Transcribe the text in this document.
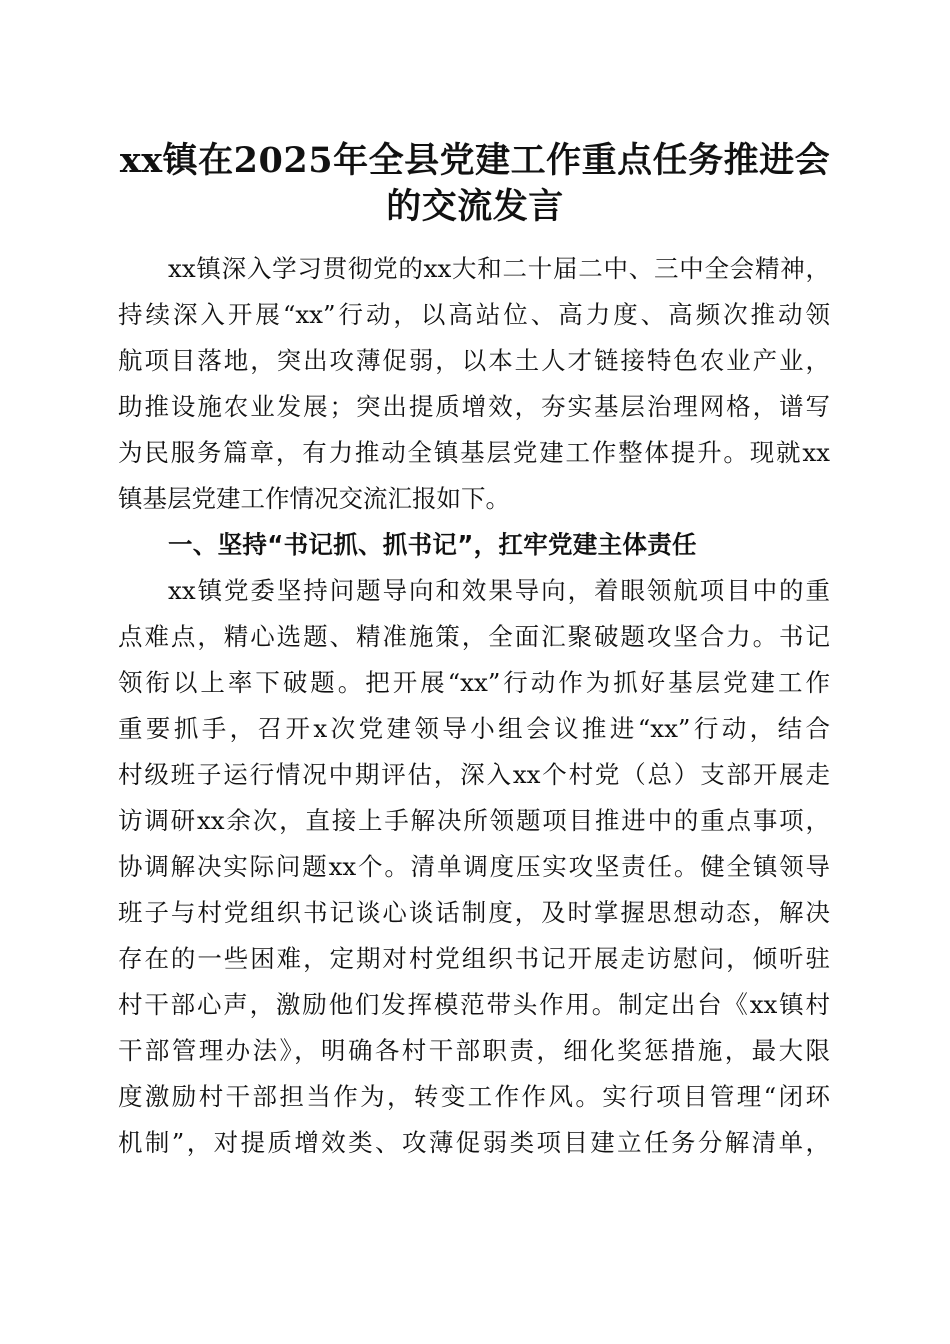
xx镇在2025年全县党建工作重点任务推进会
的交流发言
xx镇深入学习贯彻党的xx大和二十届二中、三中全会精神，
持续深入开展“xx”行动，以高站位、高力度、高频次推动领
航项目落地，突出攻薄促弱，以本土人才链接特色农业产业，
助推设施农业发展；突出提质增效，夯实基层治理网格，谱写
为民服务篇章，有力推动全镇基层党建工作整体提升。现就xx
镇基层党建工作情况交流汇报如下。
一、坚持“书记抓、抓书记”，扛牢党建主体责任
xx镇党委坚持问题导向和效果导向，着眼领航项目中的重
点难点，精心选题、精准施策，全面汇聚破题攻坚合力。书记
领衔以上率下破题。把开展“xx”行动作为抓好基层党建工作
重要抓手，召开x次党建领导小组会议推进“xx”行动，结合
村级班子运行情况中期评估，深入xx个村党（总）支部开展走
访调研xx余次，直接上手解决所领题项目推进中的重点事项，
协调解决实际问题xx个。清单调度压实攻坚责任。健全镇领导
班子与村党组织书记谈心谈话制度，及时掌握思想动态，解决
存在的一些困难，定期对村党组织书记开展走访慰问，倾听驻
村干部心声，激励他们发挥模范带头作用。制定出台《xx镇村
干部管理办法》，明确各村干部职责，细化奖惩措施，最大限
度激励村干部担当作为，转变工作作风。实行项目管理“闭环
机制”，对提质增效类、攻薄促弱类项目建立任务分解清单，
